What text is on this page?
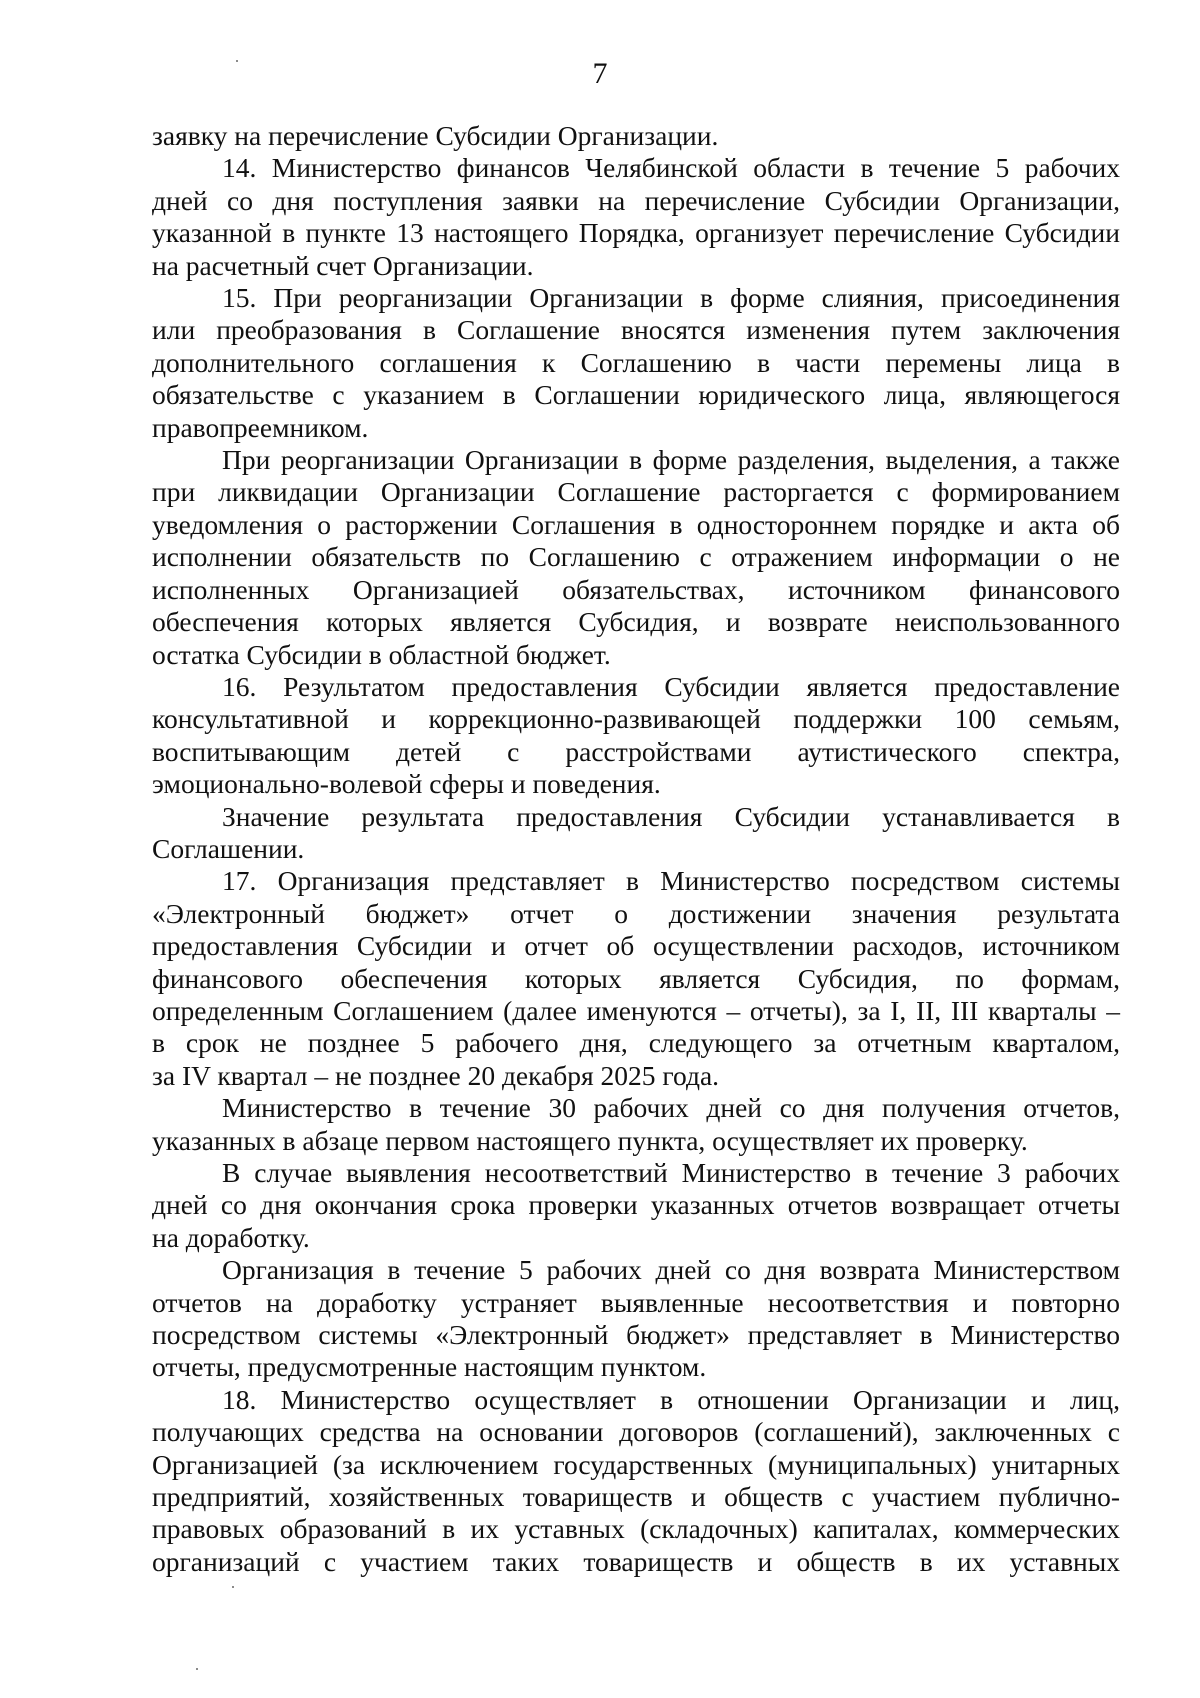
7

заявку на перечисление Субсидии Организации.

14. Министерство финансов Челябинской области в течение 5 рабочих
дней со дня поступления заявки на перечисление Субсидии Организации,
указанной в пункте 13 настоящего Порядка, организует перечисление Субсидии
на расчетный счет Организации.

15. При реорганизации Организации в форме слияния, присоединения
или преобразования в Соглашение вносятся изменения путем заключения
дополнительного соглашения к Соглашению в части перемены лица в
обязательстве с указанием в Соглашении юридического лица, являющегося
правопреемником.

При реорганизации Организации в форме разделения, выделения, а также
при ликвидации Организации Соглашение расторгается с формированием
уведомления о расторжении Соглашения в одностороннем порядке и акта об
исполнении обязательств по Соглашению с отражением информации о не
исполненных Организацией обязательствах, источником финансового
обеспечения которых является Субсидия, и возврате неиспользованного
остатка Субсидии в областной бюджет.

16. Результатом предоставления Субсидии является предоставление
консультативной и коррекционно-развивающей поддержки 100 семьям,
воспитывающим детей с расстройствами аутистического спектра,
эмоционально-волевой сферы и поведения.

Значение результата предоставления Субсидии устанавливается в
Соглашении.

17. Организация представляет в Министерство посредством системы
«Электронный бюджет» отчет о достижении значения результата
предоставления Субсидии и отчет об осуществлении расходов, источником
финансового обеспечения которых является Субсидия, по формам,
определенным Соглашением (далее именуются – отчеты), за I, II, III кварталы –
в срок не позднее 5 рабочего дня, следующего за отчетным кварталом,
за IV квартал – не позднее 20 декабря 2025 года.

Министерство в течение 30 рабочих дней со дня получения отчетов,
указанных в абзаце первом настоящего пункта, осуществляет их проверку.

В случае выявления несоответствий Министерство в течение 3 рабочих
дней со дня окончания срока проверки указанных отчетов возвращает отчеты
на доработку.

Организация в течение 5 рабочих дней со дня возврата Министерством
отчетов на доработку устраняет выявленные несоответствия и повторно
посредством системы «Электронный бюджет» представляет в Министерство
отчеты, предусмотренные настоящим пунктом.

18. Министерство осуществляет в отношении Организации и лиц,
получающих средства на основании договоров (соглашений), заключенных с
Организацией (за исключением государственных (муниципальных) унитарных
предприятий, хозяйственных товариществ и обществ с участием публично-
правовых образований в их уставных (складочных) капиталах, коммерческих
организаций с участием таких товариществ и обществ в их уставных
